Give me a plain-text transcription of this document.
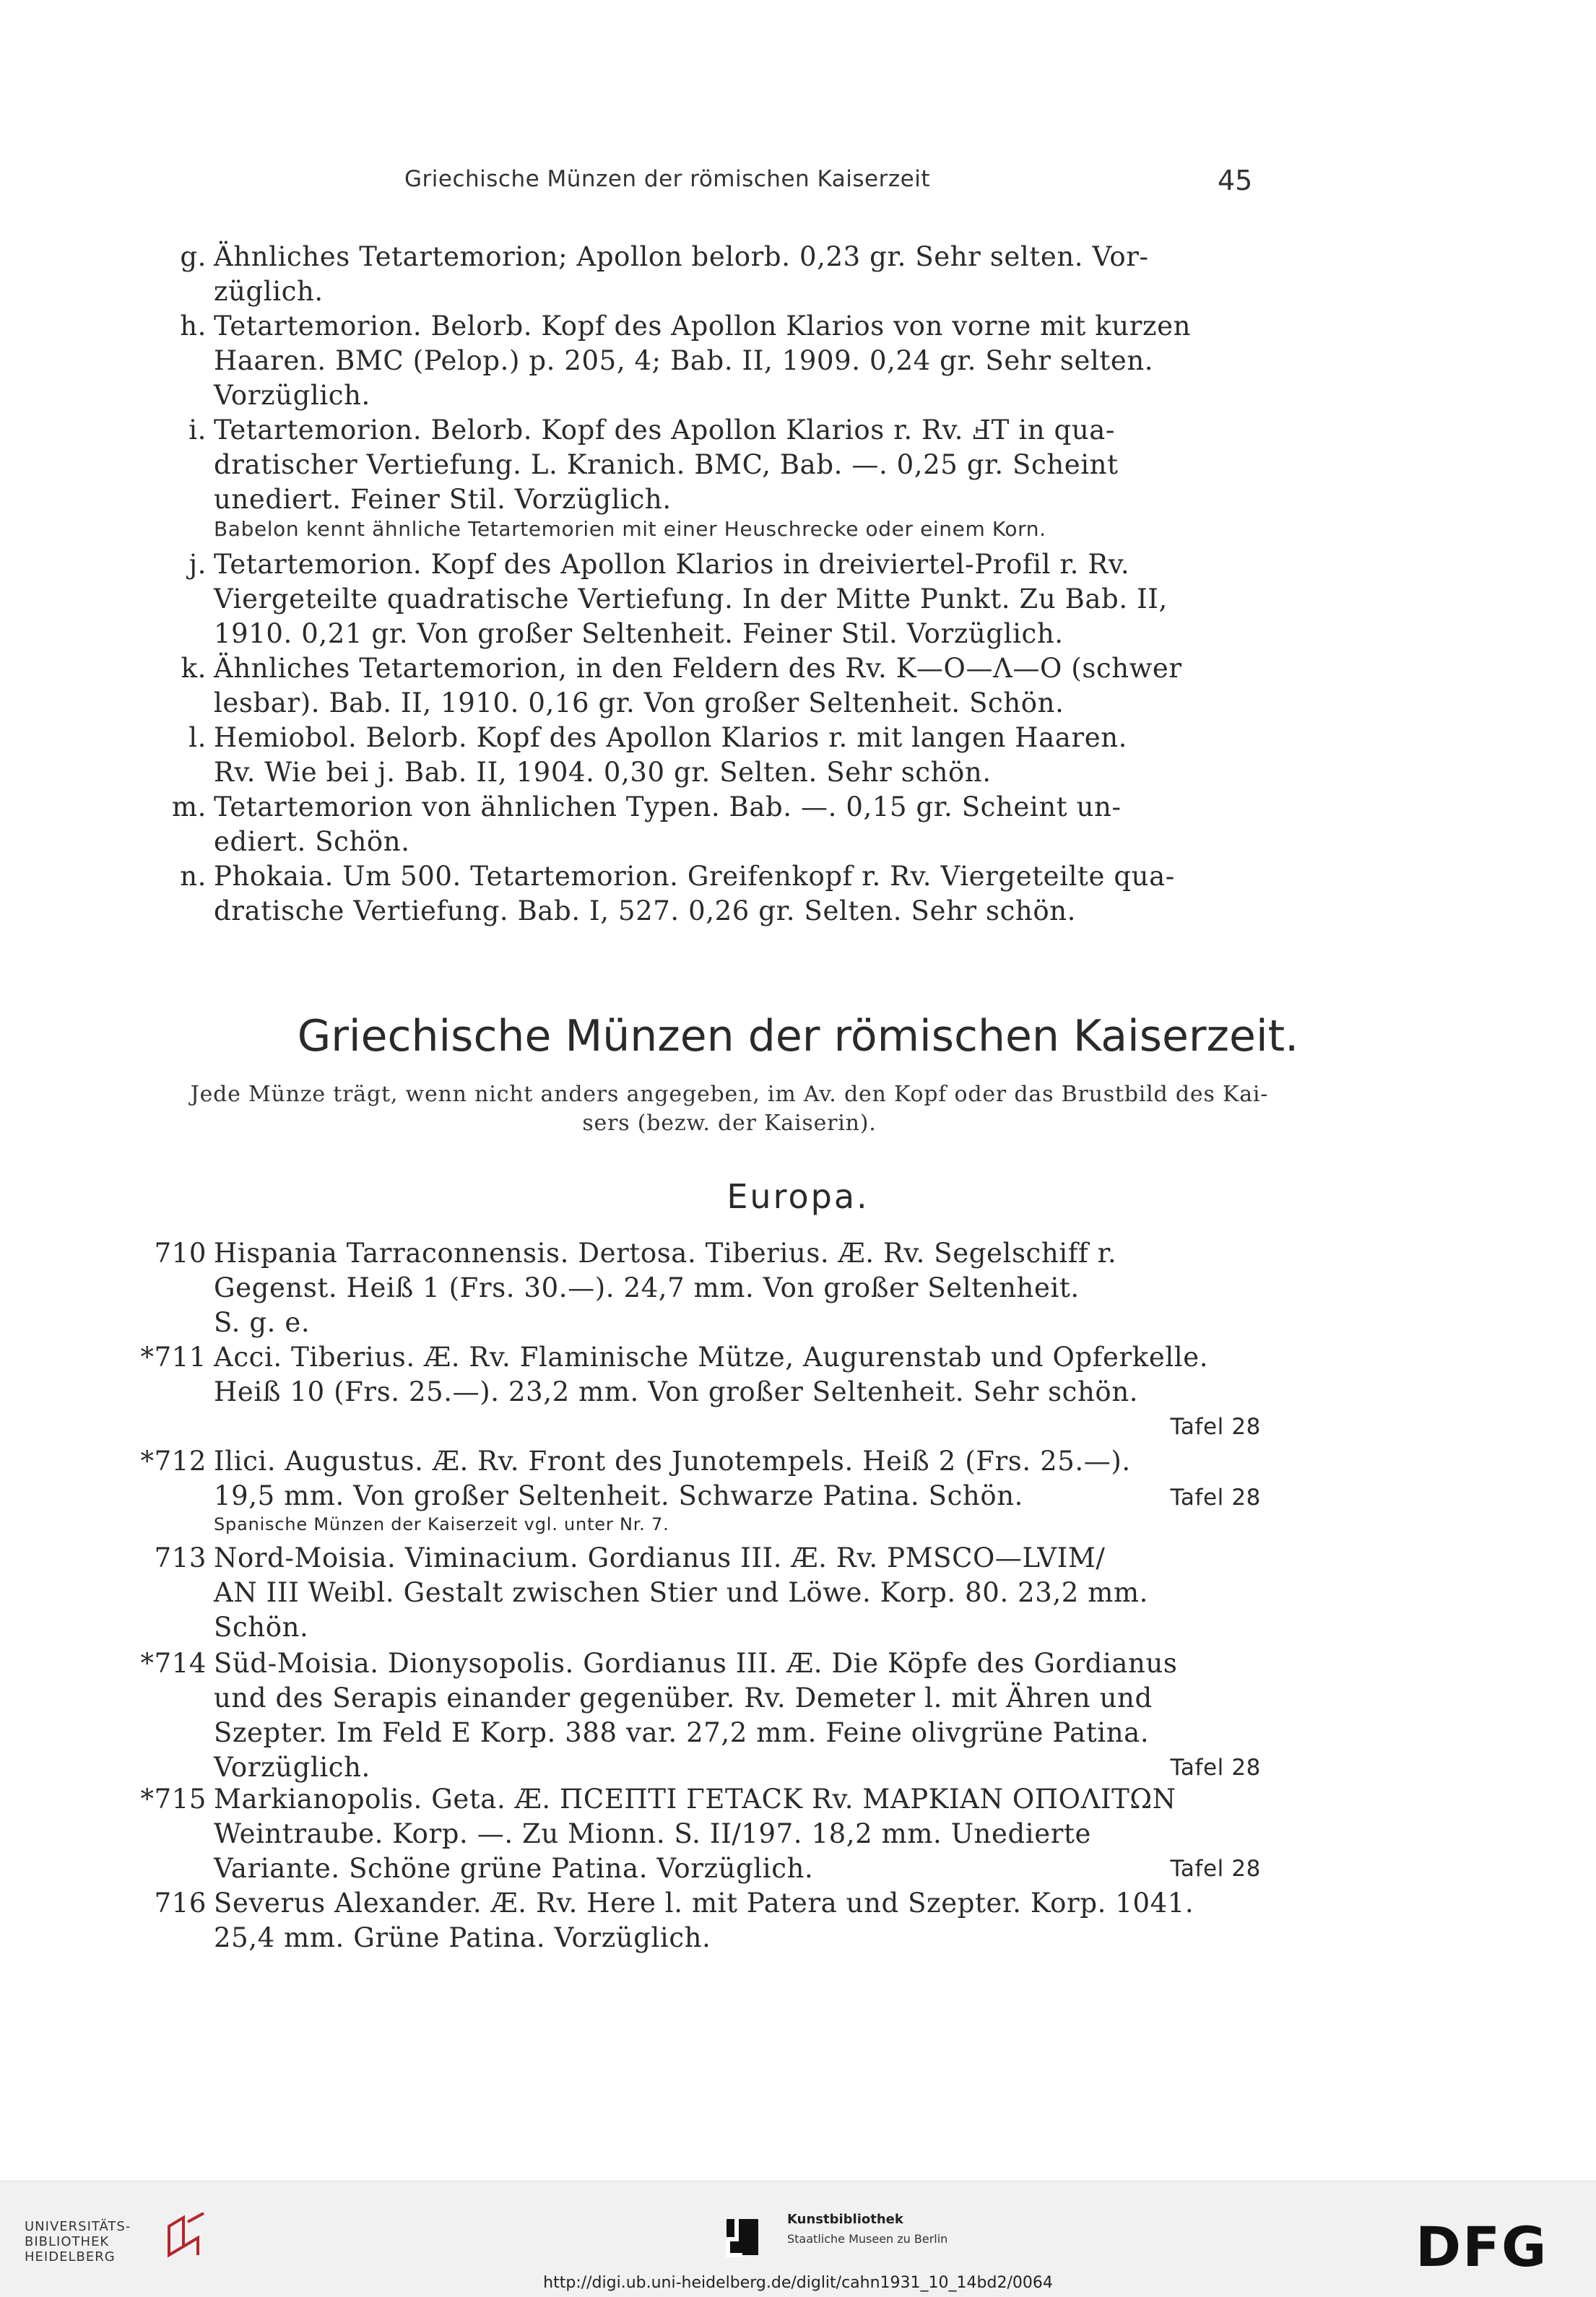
Griechische Münzen der römischen Kaiserzeit	45
g. Ähnliches Tetartemorion; Apollon belorb. 0,23 gr. Sehr selten. Vor-
züglich.
h. Tetartemorion. Belorb. Kopf des Apollon Klarios von vorne mit kurzen
Haaren. BMC (Pelop.) p. 205, 4; Bab. II, 1909. 0,24 gr. Sehr selten.
Vorzüglich.
i. Tetartemorion. Belorb. Kopf des Apollon Klarios r. Rv. ℲT in qua-
dratischer Vertiefung. L. Kranich. BMC, Bab. —. 0,25 gr. Scheint
unediert. Feiner Stil. Vorzüglich.
Babelon kennt ähnliche Tetartemorien mit einer Heuschrecke oder einem Korn.
j. Tetartemorion. Kopf des Apollon Klarios in dreiviertel-Profil r. Rv.
Viergeteilte quadratische Vertiefung. In der Mitte Punkt. Zu Bab. II,
1910. 0,21 gr. Von großer Seltenheit. Feiner Stil. Vorzüglich.
k. Ähnliches Tetartemorion, in den Feldern des Rv. K—O—Λ—O (schwer
lesbar). Bab. II, 1910. 0,16 gr. Von großer Seltenheit. Schön.
l. Hemiobol. Belorb. Kopf des Apollon Klarios r. mit langen Haaren.
Rv. Wie bei j. Bab. II, 1904. 0,30 gr. Selten. Sehr schön.
m. Tetartemorion von ähnlichen Typen. Bab. —. 0,15 gr. Scheint un-
ediert. Schön.
n. Phokaia. Um 500. Tetartemorion. Greifenkopf r. Rv. Viergeteilte qua-
dratische Vertiefung. Bab. I, 527. 0,26 gr. Selten. Sehr schön.
Griechische Münzen der römischen Kaiserzeit.
Jede Münze trägt, wenn nicht anders angegeben, im Av. den Kopf oder das Brustbild des Kai-
sers (bezw. der Kaiserin).
Europa.
710 Hispania Tarraconnensis. Dertosa. Tiberius. Æ. Rv. Segelschiff r.
Gegenst. Heiß 1 (Frs. 30.—). 24,7 mm. Von großer Seltenheit.
S. g. e.
*711 Acci. Tiberius. Æ. Rv. Flaminische Mütze, Augurenstab und Opferkelle.
Heiß 10 (Frs. 25.—). 23,2 mm. Von großer Seltenheit. Sehr schön.
Tafel 28
*712 Ilici. Augustus. Æ. Rv. Front des Junotempels. Heiß 2 (Frs. 25.—).
19,5 mm. Von großer Seltenheit. Schwarze Patina. Schön.	Tafel 28
Spanische Münzen der Kaiserzeit vgl. unter Nr. 7.
713 Nord-Moisia. Viminacium. Gordianus III. Æ. Rv. PMSCO—LVIM/
AN III Weibl. Gestalt zwischen Stier und Löwe. Korp. 80. 23,2 mm.
Schön.
*714 Süd-Moisia. Dionysopolis. Gordianus III. Æ. Die Köpfe des Gordianus
und des Serapis einander gegenüber. Rv. Demeter l. mit Ähren und
Szepter. Im Feld E Korp. 388 var. 27,2 mm. Feine olivgrüne Patina.
Vorzüglich.	Tafel 28
*715 Markianopolis. Geta. Æ. ΠCEΠTI ΓETACK Rv. MAPKIAN OΠOΛITΩN
Weintraube. Korp. —. Zu Mionn. S. II/197. 18,2 mm. Unedierte
Variante. Schöne grüne Patina. Vorzüglich.	Tafel 28
716 Severus Alexander. Æ. Rv. Here l. mit Patera und Szepter. Korp. 1041.
25,4 mm. Grüne Patina. Vorzüglich.
UNIVERSITÄTS-
BIBLIOTHEK
HEIDELBERG
Kunstbibliothek
Staatliche Museen zu Berlin	DFG
http://digi.ub.uni-heidelberg.de/diglit/cahn1931_10_14bd2/0064
